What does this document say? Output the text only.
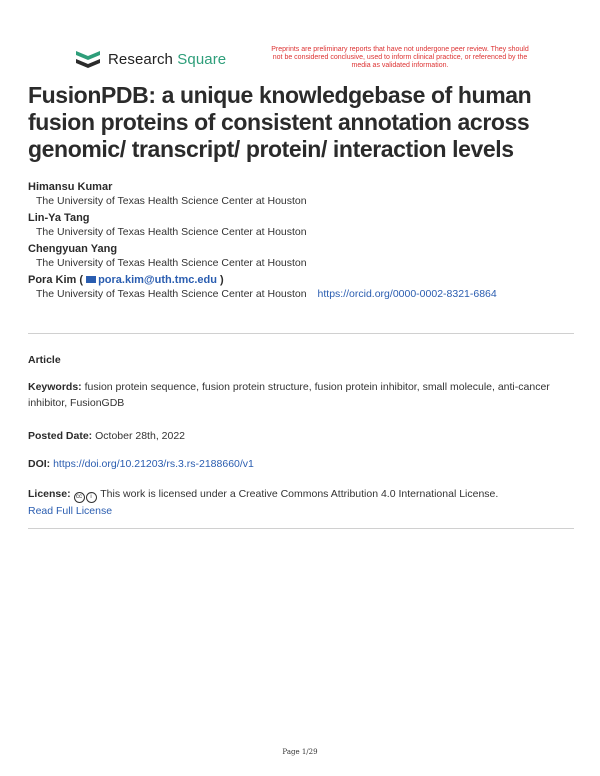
Research Square
Preprints are preliminary reports that have not undergone peer review. They should not be considered conclusive, used to inform clinical practice, or referenced by the media as validated information.
FusionPDB: a unique knowledgebase of human fusion proteins of consistent annotation across genomic/ transcript/ protein/ interaction levels
Himansu Kumar
The University of Texas Health Science Center at Houston
Lin-Ya Tang
The University of Texas Health Science Center at Houston
Chengyuan Yang
The University of Texas Health Science Center at Houston
Pora Kim ( pora.kim@uth.tmc.edu )
The University of Texas Health Science Center at Houston https://orcid.org/0000-0002-8321-6864
Article
Keywords: fusion protein sequence, fusion protein structure, fusion protein inhibitor, small molecule, anti-cancer inhibitor, FusionGDB
Posted Date: October 28th, 2022
DOI: https://doi.org/10.21203/rs.3.rs-2188660/v1
License: cc i This work is licensed under a Creative Commons Attribution 4.0 International License.
Read Full License
Page 1/29
